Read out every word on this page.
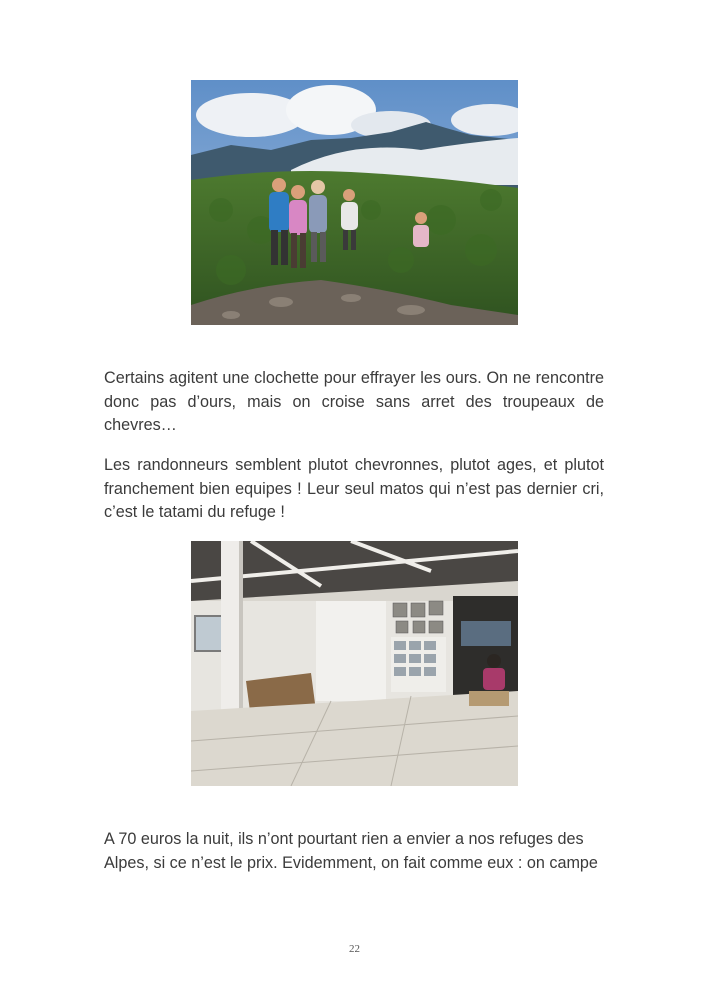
Certains agitent une clochette pour effrayer les ours. On ne rencontre donc pas d’ours, mais on croise sans arret des troupeaux de chevres…

Les randonneurs semblent plutot chevronnes, plutot ages, et plutot franchement bien equipes ! Leur seul matos qui n’est pas dernier cri, c’est le tatami du refuge !

A 70 euros la nuit, ils n’ont pourtant rien a envier a nos refuges des Alpes, si ce n’est le prix. Evidemment, on fait comme eux : on campe

22
